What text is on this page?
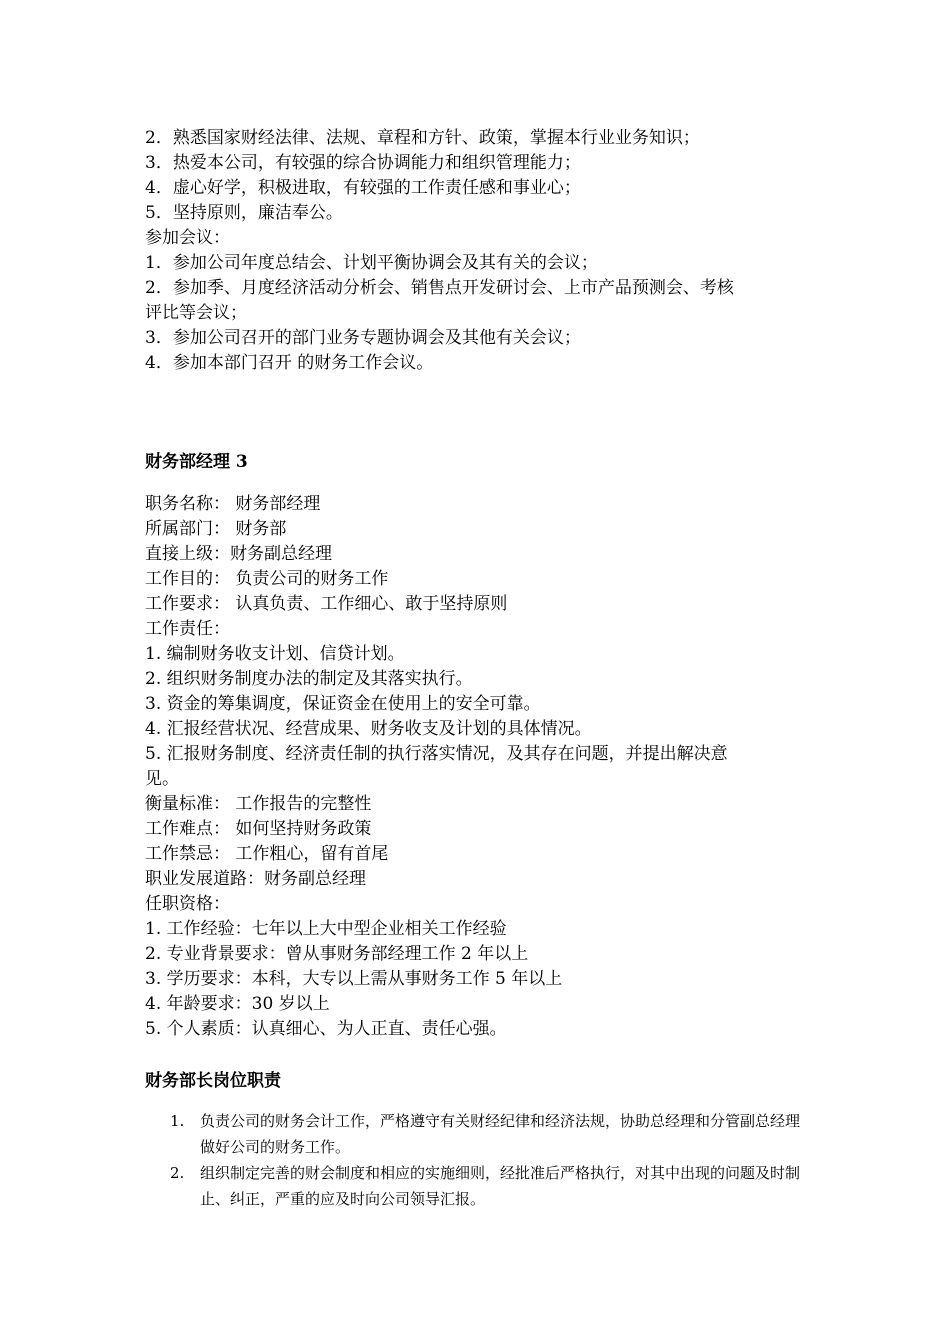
2．熟悉国家财经法律、法规、章程和方针、政策，掌握本行业业务知识；
3．热爱本公司，有较强的综合协调能力和组织管理能力；
4．虚心好学，积极进取，有较强的工作责任感和事业心；
5．坚持原则，廉洁奉公。
参加会议：
1．参加公司年度总结会、计划平衡协调会及其有关的会议；
2．参加季、月度经济活动分析会、销售点开发研讨会、上市产品预测会、考核
评比等会议；
3．参加公司召开的部门业务专题协调会及其他有关会议；
4．参加本部门召开 的财务工作会议。
财务部经理 3
职务名称： 财务部经理
所属部门： 财务部
直接上级：财务副总经理
工作目的： 负责公司的财务工作
工作要求： 认真负责、工作细心、敢于坚持原则
工作责任：
1. 编制财务收支计划、信贷计划。
2. 组织财务制度办法的制定及其落实执行。
3. 资金的筹集调度，保证资金在使用上的安全可靠。
4. 汇报经营状况、经营成果、财务收支及计划的具体情况。
5. 汇报财务制度、经济责任制的执行落实情况，及其存在问题，并提出解决意
见。
衡量标准： 工作报告的完整性
工作难点： 如何坚持财务政策
工作禁忌： 工作粗心，留有首尾
职业发展道路：财务副总经理
任职资格：
1. 工作经验：七年以上大中型企业相关工作经验
2. 专业背景要求：曾从事财务部经理工作 2 年以上
3. 学历要求：本科，大专以上需从事财务工作 5 年以上
4. 年龄要求：30 岁以上
5. 个人素质：认真细心、为人正直、责任心强。
财务部长岗位职责
1. 负责公司的财务会计工作，严格遵守有关财经纪律和经济法规，协助总经理和分管副总经理做好公司的财务工作。
2. 组织制定完善的财会制度和相应的实施细则，经批准后严格执行，对其中出现的问题及时制止、纠正，严重的应及时向公司领导汇报。
